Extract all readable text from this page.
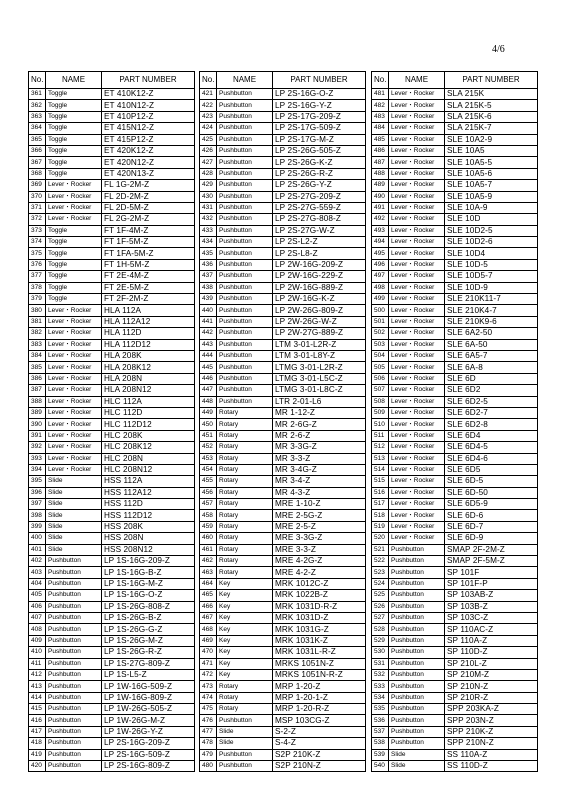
4/6
No.	NAME	PART NUMBER
361	Toggle	ET 410K12-Z
362	Toggle	ET 410N12-Z
363	Toggle	ET 410P12-Z
364	Toggle	ET 415N12-Z
365	Toggle	ET 415P12-Z
366	Toggle	ET 420K12-Z
367	Toggle	ET 420N12-Z
368	Toggle	ET 420N13-Z
369	Lever・Rocker	FL 1G-2M-Z
370	Lever・Rocker	FL 2D-2M-Z
371	Lever・Rocker	FL 2D-5M-Z
372	Lever・Rocker	FL 2G-2M-Z
373	Toggle	FT 1F-4M-Z
374	Toggle	FT 1F-5M-Z
375	Toggle	FT 1FA-5M-Z
376	Toggle	FT 1H-5M-Z
377	Toggle	FT 2E-4M-Z
378	Toggle	FT 2E-5M-Z
379	Toggle	FT 2F-2M-Z
380	Lever・Rocker	HLA 112A
381	Lever・Rocker	HLA 112A12
382	Lever・Rocker	HLA 112D
383	Lever・Rocker	HLA 112D12
384	Lever・Rocker	HLA 208K
385	Lever・Rocker	HLA 208K12
386	Lever・Rocker	HLA 208N
387	Lever・Rocker	HLA 208N12
388	Lever・Rocker	HLC 112A
389	Lever・Rocker	HLC 112D
390	Lever・Rocker	HLC 112D12
391	Lever・Rocker	HLC 208K
392	Lever・Rocker	HLC 208K12
393	Lever・Rocker	HLC 208N
394	Lever・Rocker	HLC 208N12
395	Slide	HSS 112A
396	Slide	HSS 112A12
397	Slide	HSS 112D
398	Slide	HSS 112D12
399	Slide	HSS 208K
400	Slide	HSS 208N
401	Slide	HSS 208N12
402	Pushbutton	LP 1S-16G-209-Z
403	Pushbutton	LP 1S-16G-B-Z
404	Pushbutton	LP 1S-16G-M-Z
405	Pushbutton	LP 1S-16G-O-Z
406	Pushbutton	LP 1S-26G-808-Z
407	Pushbutton	LP 1S-26G-B-Z
408	Pushbutton	LP 1S-26G-G-Z
409	Pushbutton	LP 1S-26G-M-Z
410	Pushbutton	LP 1S-26G-R-Z
411	Pushbutton	LP 1S-27G-809-Z
412	Pushbutton	LP 1S-L5-Z
413	Pushbutton	LP 1W-16G-509-Z
414	Pushbutton	LP 1W-16G-809-Z
415	Pushbutton	LP 1W-26G-505-Z
416	Pushbutton	LP 1W-26G-M-Z
417	Pushbutton	LP 1W-26G-Y-Z
418	Pushbutton	LP 2S-16G-209-Z
419	Pushbutton	LP 2S-16G-509-Z
420	Pushbutton	LP 2S-16G-809-Z
No.	NAME	PART NUMBER
421	Pushbutton	LP 2S-16G-O-Z
422	Pushbutton	LP 2S-16G-Y-Z
423	Pushbutton	LP 2S-17G-209-Z
424	Pushbutton	LP 2S-17G-509-Z
425	Pushbutton	LP 2S-17G-M-Z
426	Pushbutton	LP 2S-26G-505-Z
427	Pushbutton	LP 2S-26G-K-Z
428	Pushbutton	LP 2S-26G-R-Z
429	Pushbutton	LP 2S-26G-Y-Z
430	Pushbutton	LP 2S-27G-209-Z
431	Pushbutton	LP 2S-27G-559-Z
432	Pushbutton	LP 2S-27G-808-Z
433	Pushbutton	LP 2S-27G-W-Z
434	Pushbutton	LP 2S-L2-Z
435	Pushbutton	LP 2S-L8-Z
436	Pushbutton	LP 2W-16G-209-Z
437	Pushbutton	LP 2W-16G-229-Z
438	Pushbutton	LP 2W-16G-889-Z
439	Pushbutton	LP 2W-16G-K-Z
440	Pushbutton	LP 2W-26G-809-Z
441	Pushbutton	LP 2W-26G-W-Z
442	Pushbutton	LP 2W-27G-889-Z
443	Pushbutton	LTM 3-01-L2R-Z
444	Pushbutton	LTM 3-01-L8Y-Z
445	Pushbutton	LTMG 3-01-L2R-Z
446	Pushbutton	LTMG 3-01-L5C-Z
447	Pushbutton	LTMG 3-01-L8C-Z
448	Pushbutton	LTR 2-01-L6
449	Rotary	MR 1-12-Z
450	Rotary	MR 2-6G-Z
451	Rotary	MR 2-6-Z
452	Rotary	MR 3-3G-Z
453	Rotary	MR 3-3-Z
454	Rotary	MR 3-4G-Z
455	Rotary	MR 3-4-Z
456	Rotary	MR 4-3-Z
457	Rotary	MRE 1-10-Z
458	Rotary	MRE 2-5G-Z
459	Rotary	MRE 2-5-Z
460	Rotary	MRE 3-3G-Z
461	Rotary	MRE 3-3-Z
462	Rotary	MRE 4-2G-Z
463	Rotary	MRE 4-2-Z
464	Key	MRK 1012C-Z
465	Key	MRK 1022B-Z
466	Key	MRK 1031D-R-Z
467	Key	MRK 1031D-Z
468	Key	MRK 1031G-Z
469	Key	MRK 1031K-Z
470	Key	MRK 1031L-R-Z
471	Key	MRKS 1051N-Z
472	Key	MRKS 1051N-R-Z
473	Rotary	MRP 1-20-Z
474	Rotary	MRP 1-20-1-Z
475	Rotary	MRP 1-20-R-Z
476	Pushbutton	MSP 103CG-Z
477	Slide	S-2-Z
478	Slide	S-4-Z
479	Pushbutton	S2P 210K-Z
480	Pushbutton	S2P 210N-Z
No.	NAME	PART NUMBER
481	Lever・Rocker	SLA 215K
482	Lever・Rocker	SLA 215K-5
483	Lever・Rocker	SLA 215K-6
484	Lever・Rocker	SLA 215K-7
485	Lever・Rocker	SLE 10A2-9
486	Lever・Rocker	SLE 10A5
487	Lever・Rocker	SLE 10A5-5
488	Lever・Rocker	SLE 10A5-6
489	Lever・Rocker	SLE 10A5-7
490	Lever・Rocker	SLE 10A5-9
491	Lever・Rocker	SLE 10A-9
492	Lever・Rocker	SLE 10D
493	Lever・Rocker	SLE 10D2-5
494	Lever・Rocker	SLE 10D2-6
495	Lever・Rocker	SLE 10D4
496	Lever・Rocker	SLE 10D-5
497	Lever・Rocker	SLE 10D5-7
498	Lever・Rocker	SLE 10D-9
499	Lever・Rocker	SLE 210K11-7
500	Lever・Rocker	SLE 210K4-7
501	Lever・Rocker	SLE 210K9-6
502	Lever・Rocker	SLE 6A2-50
503	Lever・Rocker	SLE 6A-50
504	Lever・Rocker	SLE 6A5-7
505	Lever・Rocker	SLE 6A-8
506	Lever・Rocker	SLE 6D
507	Lever・Rocker	SLE 6D2
508	Lever・Rocker	SLE 6D2-5
509	Lever・Rocker	SLE 6D2-7
510	Lever・Rocker	SLE 6D2-8
511	Lever・Rocker	SLE 6D4
512	Lever・Rocker	SLE 6D4-5
513	Lever・Rocker	SLE 6D4-6
514	Lever・Rocker	SLE 6D5
515	Lever・Rocker	SLE 6D-5
516	Lever・Rocker	SLE 6D-50
517	Lever・Rocker	SLE 6D5-9
518	Lever・Rocker	SLE 6D-6
519	Lever・Rocker	SLE 6D-7
520	Lever・Rocker	SLE 6D-9
521	Pushbutton	SMAP 2F-2M-Z
522	Pushbutton	SMAP 2F-5M-Z
523	Pushbutton	SP 101F
524	Pushbutton	SP 101F-P
525	Pushbutton	SP 103AB-Z
526	Pushbutton	SP 103B-Z
527	Pushbutton	SP 103C-Z
528	Pushbutton	SP 110AC-Z
529	Pushbutton	SP 110A-Z
530	Pushbutton	SP 110D-Z
531	Pushbutton	SP 210L-Z
532	Pushbutton	SP 210M-Z
533	Pushbutton	SP 210N-Z
534	Pushbutton	SP 210R-Z
535	Pushbutton	SPP 203KA-Z
536	Pushbutton	SPP 203N-Z
537	Pushbutton	SPP 210K-Z
538	Pushbutton	SPP 210N-Z
539	Slide	SS 110A-Z
540	Slide	SS 110D-Z
